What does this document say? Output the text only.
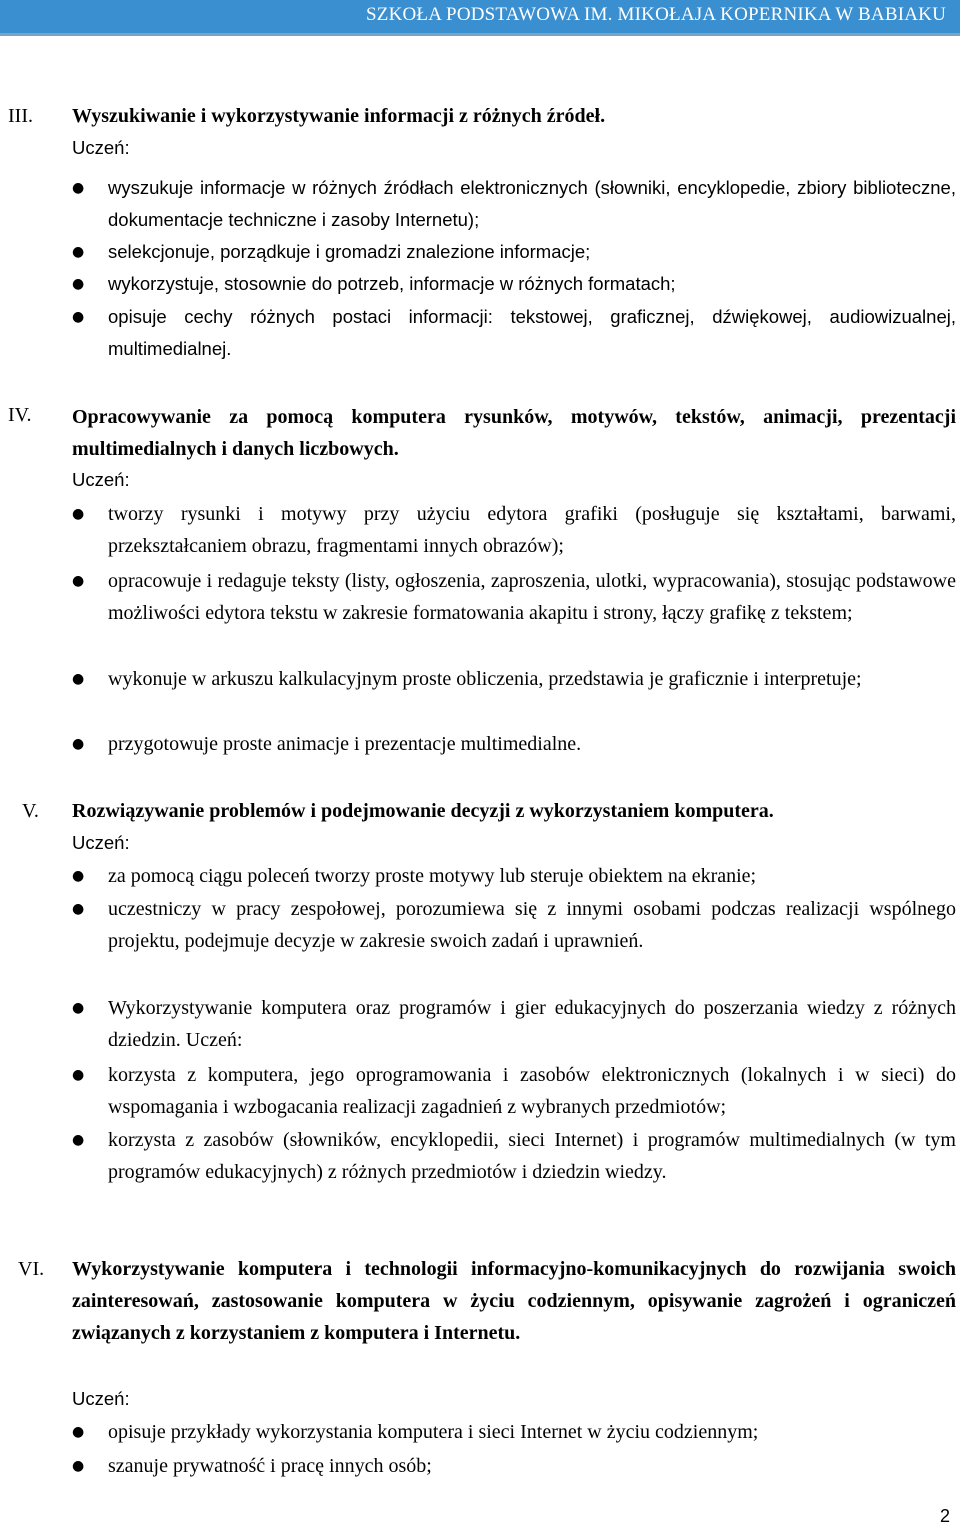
SZKOŁA PODSTAWOWA IM. MIKOŁAJA KOPERNIKA W BABIAKU
III. Wyszukiwanie i wykorzystywanie informacji z różnych źródeł.
Uczeń:
● wyszukuje informacje w różnych źródłach elektronicznych (słowniki, encyklopedie, zbiory biblioteczne, dokumentacje techniczne i zasoby Internetu);
● selekcjonuje, porządkuje i gromadzi znalezione informacje;
● wykorzystuje, stosownie do potrzeb, informacje w różnych formatach;
● opisuje cechy różnych postaci informacji: tekstowej, graficznej, dźwiękowej, audiowizualnej, multimedialnej.
IV. Opracowywanie za pomocą komputera rysunków, motywów, tekstów, animacji, prezentacji multimedialnych i danych liczbowych.
Uczeń:
● tworzy rysunki i motywy przy użyciu edytora grafiki (posługuje się kształtami, barwami, przekształcaniem obrazu, fragmentami innych obrazów);
● opracowuje i redaguje teksty (listy, ogłoszenia, zaproszenia, ulotki, wypracowania), stosując podstawowe możliwości edytora tekstu w zakresie formatowania akapitu i strony, łączy grafikę z tekstem;
● wykonuje w arkuszu kalkulacyjnym proste obliczenia, przedstawia je graficznie i interpretuje;
● przygotowuje proste animacje i prezentacje multimedialne.
V. Rozwiązywanie problemów i podejmowanie decyzji z wykorzystaniem komputera.
Uczeń:
● za pomocą ciągu poleceń tworzy proste motywy lub steruje obiektem na ekranie;
● uczestniczy w pracy zespołowej, porozumiewa się z innymi osobami podczas realizacji wspólnego projektu, podejmuje decyzje w zakresie swoich zadań i uprawnień.
● Wykorzystywanie komputera oraz programów i gier edukacyjnych do poszerzania wiedzy z różnych dziedzin. Uczeń:
● korzysta z komputera, jego oprogramowania i zasobów elektronicznych (lokalnych i w sieci) do wspomagania i wzbogacania realizacji zagadnień z wybranych przedmiotów;
● korzysta z zasobów (słowników, encyklopedii, sieci Internet) i programów multimedialnych (w tym programów edukacyjnych) z różnych przedmiotów i dziedzin wiedzy.
VI. Wykorzystywanie komputera i technologii informacyjno-komunikacyjnych do rozwijania swoich zainteresowań, zastosowanie komputera w życiu codziennym, opisywanie zagrożeń i ograniczeń związanych z korzystaniem z komputera i Internetu.
Uczeń:
● opisuje przykłady wykorzystania komputera i sieci Internet w życiu codziennym;
● szanuje prywatność i pracę innych osób;
2
